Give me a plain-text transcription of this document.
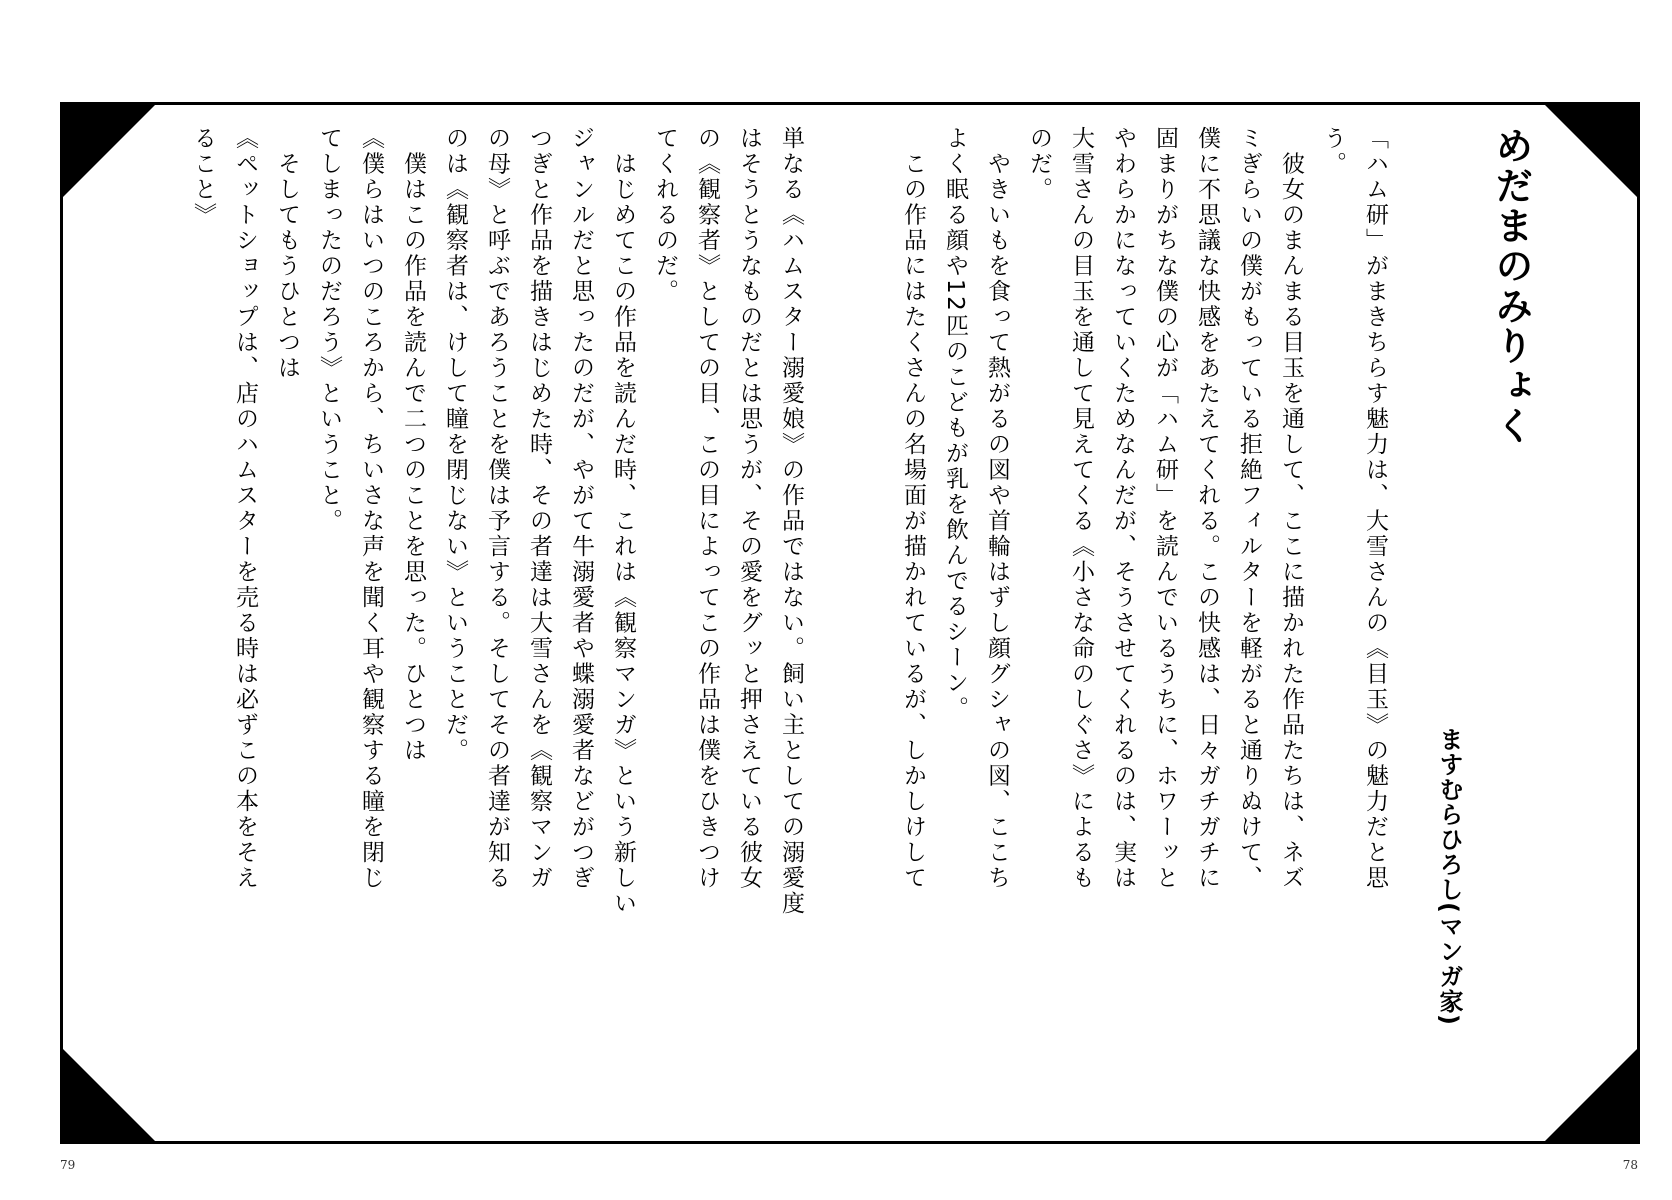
めだまのみりょく
ますむらひろし(マンガ家)

「ハム研」がまきちらす魅力は、大雪さんの《目玉》の魅力だと思

う。

　彼女のまんまる目玉を通して、ここに描かれた作品たちは、ネズ

ミぎらいの僕がもっている拒絶フィルターを軽がると通りぬけて、

僕に不思議な快感をあたえてくれる。この快感は、日々ガチガチに

固まりがちな僕の心が「ハム研」を読んでいるうちに、ホワーッと

やわらかになっていくためなんだが、そうさせてくれるのは、実は

大雪さんの目玉を通して見えてくる《小さな命のしぐさ》によるも

のだ。

　やきいもを食って熱がるの図や首輪はずし顔グシャの図、ここち

よく眠る顔や12匹のこどもが乳を飲んでるシーン。

　この作品にはたくさんの名場面が描かれているが、しかしけして

単なる《ハムスター溺愛娘》の作品ではない。飼い主としての溺愛度

はそうとうなものだとは思うが、その愛をグッと押さえている彼女

の《観察者》としての目、この目によってこの作品は僕をひきつけ

てくれるのだ。

　はじめてこの作品を読んだ時、これは《観察マンガ》という新しい

ジャンルだと思ったのだが、やがて牛溺愛者や蝶溺愛者などがつぎ

つぎと作品を描きはじめた時、その者達は大雪さんを《観察マンガ

の母》と呼ぶであろうことを僕は予言する。そしてその者達が知る

のは《観察者は、けして瞳を閉じない》ということだ。

　僕はこの作品を読んで二つのことを思った。ひとつは

《僕らはいつのころから、ちいさな声を聞く耳や観察する瞳を閉じ

てしまったのだろう》ということ。

　そしてもうひとつは

《ペットショップは、店のハムスターを売る時は必ずこの本をそえ

ること》

79	78
